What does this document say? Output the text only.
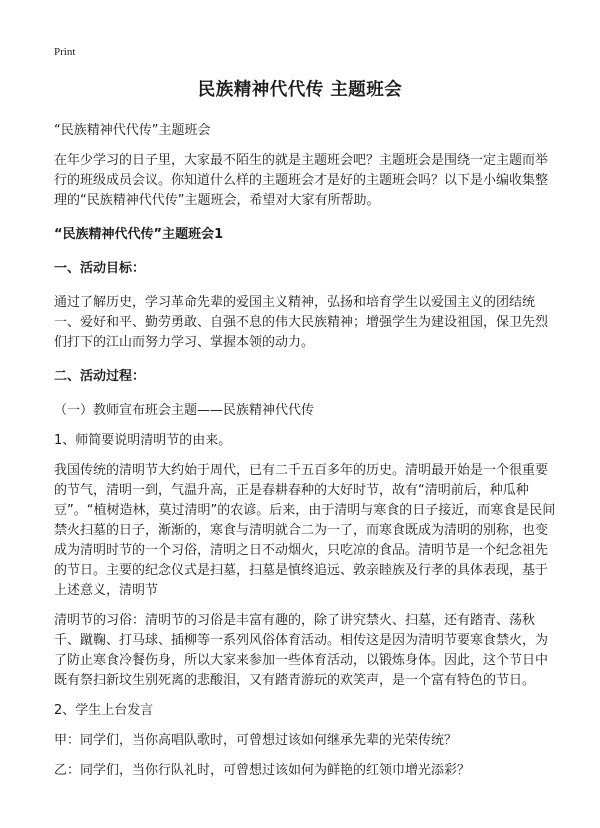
Print
民族精神代代传 主题班会

“民族精神代代传”主题班会

在年少学习的日子里，大家最不陌生的就是主题班会吧？主题班会是围绕一定主题而举行的班级成员会议。你知道什么样的主题班会才是好的主题班会吗？以下是小编收集整理的“民族精神代代传”主题班会，希望对大家有所帮助。

“民族精神代代传”主题班会1

一、活动目标：

通过了解历史，学习革命先辈的爱国主义精神，弘扬和培育学生以爱国主义的团结统一、爱好和平、勤劳勇敢、自强不息的伟大民族精神；增强学生为建设祖国，保卫先烈们打下的江山而努力学习、掌握本领的动力。

二、活动过程：

（一）教师宣布班会主题——民族精神代代传

1、师简要说明清明节的由来。

我国传统的清明节大约始于周代，已有二千五百多年的历史。清明最开始是一个很重要的节气，清明一到，气温升高，正是春耕春种的大好时节，故有“清明前后，种瓜种豆”。“植树造林，莫过清明”的农谚。后来，由于清明与寒食的日子接近，而寒食是民间禁火扫墓的日子，渐渐的，寒食与清明就合二为一了，而寒食既成为清明的别称，也变成为清明时节的一个习俗，清明之日不动烟火，只吃凉的食品。清明节是一个纪念祖先的节日。主要的纪念仪式是扫墓，扫墓是慎终追远、敦亲睦族及行孝的具体表现，基于上述意义，清明节

清明节的习俗：清明节的习俗是丰富有趣的，除了讲究禁火、扫墓，还有踏青、荡秋千、蹴鞠、打马球、插柳等一系列风俗体育活动。相传这是因为清明节要寒食禁火，为了防止寒食冷餐伤身，所以大家来参加一些体育活动，以锻炼身体。因此，这个节日中既有祭扫新坟生别死离的悲酸泪，又有踏青游玩的欢笑声，是一个富有特色的节日。

2、学生上台发言

甲：同学们，当你高唱队歌时，可曾想过该如何继承先辈的光荣传统？

乙：同学们，当你行队礼时，可曾想过该如何为鲜艳的红领巾增光添彩？
